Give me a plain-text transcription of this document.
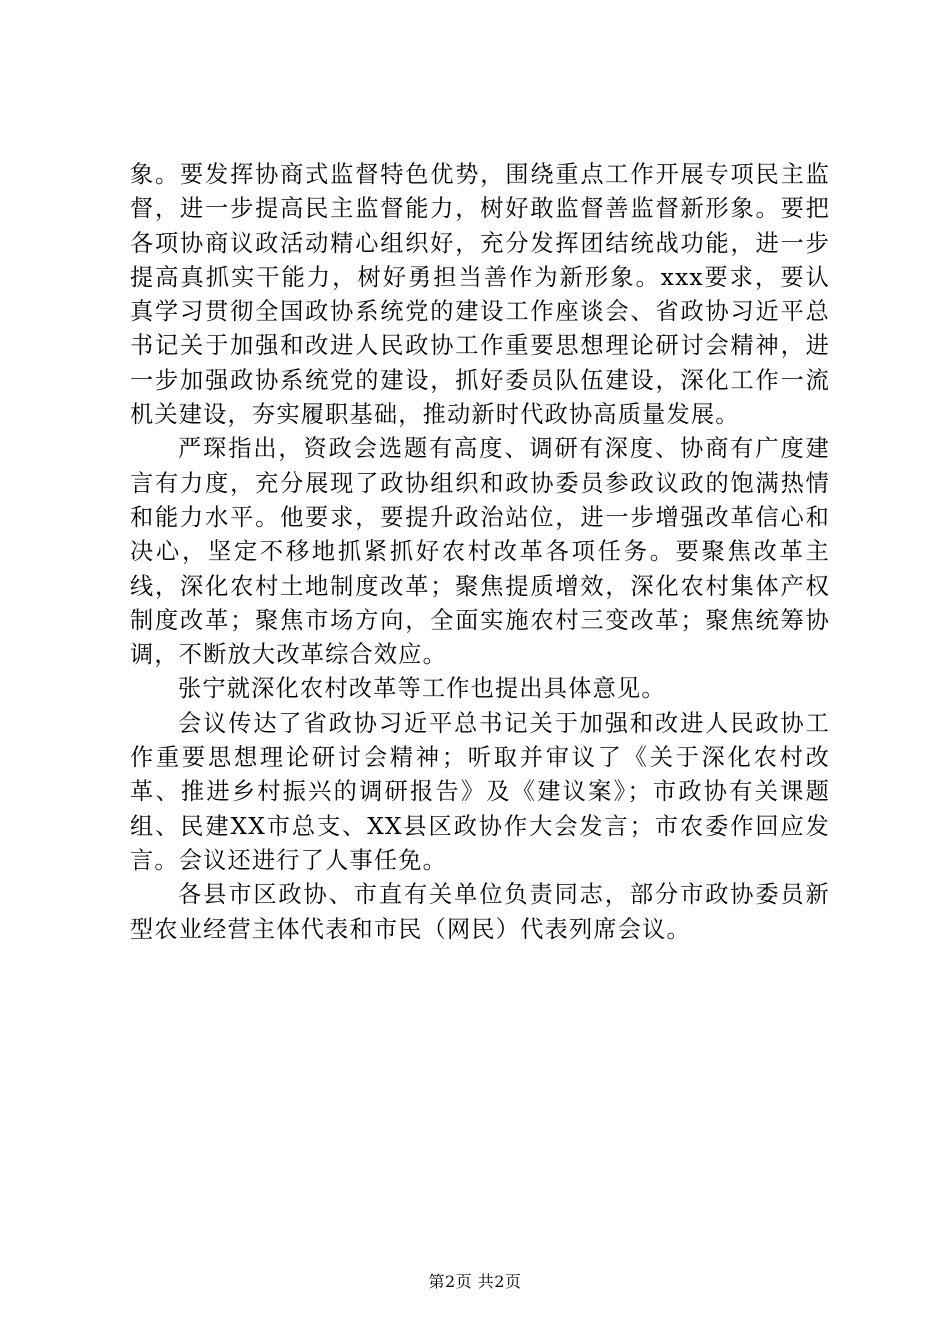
象。要发挥协商式监督特色优势，围绕重点工作开展专项民主监督，进一步提高民主监督能力，树好敢监督善监督新形象。要把各项协商议政活动精心组织好，充分发挥团结统战功能，进一步提高真抓实干能力，树好勇担当善作为新形象。xxx要求，要认真学习贯彻全国政协系统党的建设工作座谈会、省政协习近平总书记关于加强和改进人民政协工作重要思想理论研讨会精神，进一步加强政协系统党的建设，抓好委员队伍建设，深化工作一流机关建设，夯实履职基础，推动新时代政协高质量发展。

严琛指出，资政会选题有高度、调研有深度、协商有广度建言有力度，充分展现了政协组织和政协委员参政议政的饱满热情和能力水平。他要求，要提升政治站位，进一步增强改革信心和决心，坚定不移地抓紧抓好农村改革各项任务。要聚焦改革主线，深化农村土地制度改革；聚焦提质增效，深化农村集体产权制度改革；聚焦市场方向，全面实施农村三变改革；聚焦统筹协调，不断放大改革综合效应。

张宁就深化农村改革等工作也提出具体意见。

会议传达了省政协习近平总书记关于加强和改进人民政协工作重要思想理论研讨会精神；听取并审议了《关于深化农村改革、推进乡村振兴的调研报告》及《建议案》；市政协有关课题组、民建XX市总支、XX县区政协作大会发言；市农委作回应发言。会议还进行了人事任免。

各县市区政协、市直有关单位负责同志，部分市政协委员新型农业经营主体代表和市民（网民）代表列席会议。

第2页 共2页
